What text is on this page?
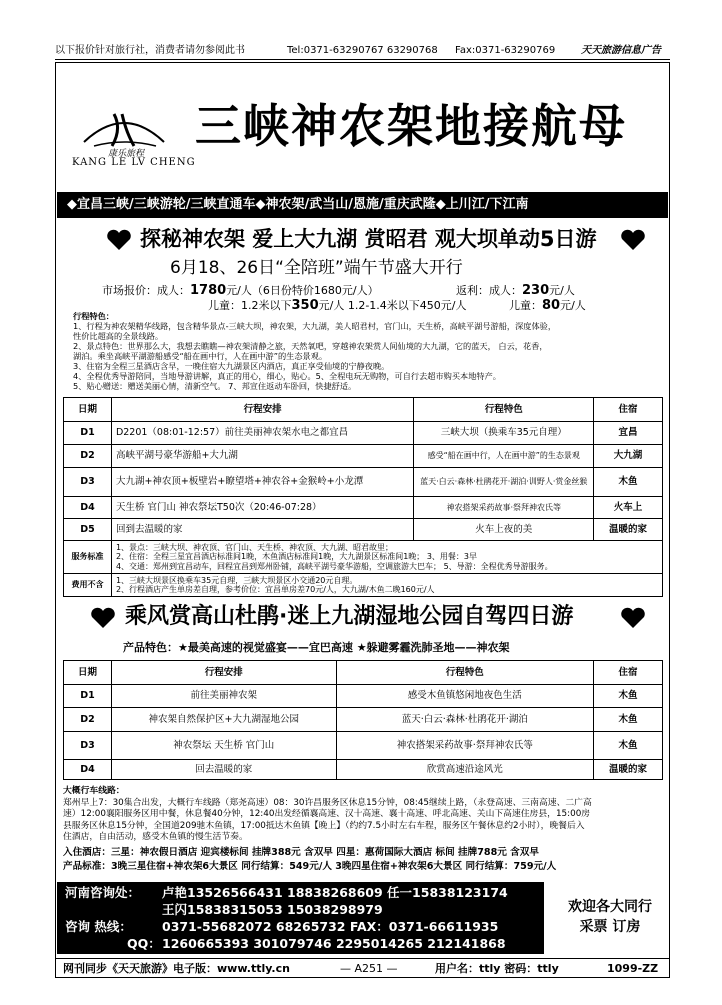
以下报价针对旅行社，消费者请勿参阅此书	Tel:0371-63290767 63290768 Fax:0371-63290769	天天旅游信息广告
康乐旅程
KANG LE LV CHENG
三峡神农架地接航母
◆宜昌三峡/三峡游轮/三峡直通车◆神农架/武当山/恩施/重庆武隆◆上川江/下江南
探秘神农架 爱上大九湖 赏昭君 观大坝单动5日游
6月18、26日“全陪班”端午节盛大开行
市场报价：成人：1780元/人（6日份特价1680元/人）	返利：成人：230元/人
儿童：1.2米以下350元/人 1.2-1.4米以下450元/人	儿童：80元/人
行程特色：
1、行程为神农架精华线路，包含精华景点-三峡大坝，神农架，大九湖，美人昭君村，官门山，天生桥，高峡平湖号游船，深度体验，
性价比超高的全景线路。
2、景点特色：世界那么大，我想去瞧瞧—神农架清静之旅，天然氧吧，穿越神农架赏人间仙境的大九湖，它的蓝天， 白云，花香，
湖泊。乘坐高峡平湖游船感受“船在画中行，人在画中游”的生态景观。
3、住宿为全程三星酒店含早，一晚住宿大九湖景区内酒店，真正享受仙境的宁静夜晚。
4、全程优秀导游陪同，当地导游讲解，真正的用心，细心，贴心。5、全程电玩无购物，可自行去超市购买本地特产。
5、贴心赠送：赠送美丽心情，清新空气。 7、邦宣住返动车卧回，快捷舒适。
日期	行程安排	行程特色	住宿
D1	D2201（08:01-12:57）前往美丽神农架水电之都宜昌	三峡大坝（换乘车35元自理）	宜昌
D2	高峡平湖号豪华游船+大九湖	感受“船在画中行，人在画中游”的生态景观	大九湖
D3	大九湖+神农顶+板壁岩+瞭望塔+神农谷+金猴岭+小龙潭	蓝天·白云·森林·杜鹃花开·湖泊·训野人·赏金丝猴	木鱼
D4	天生桥 官门山 神农祭坛T50次（20:46-07:28）	神农搭架采药故事·祭拜神农氏等	火车上
D5	回到去温暖的家	火车上夜的美	温暖的家
服务标准	1、景点：三峡大坝、神农顶、官门山、天生桥、神农顶、大九湖、昭君故里；
2、住宿：全程三星宜昌酒店标准间1晚，木鱼酒店标准间1晚，大九湖景区标准间1晚； 3、用餐：3早
4、交通：郑州到宜昌动车，回程宜昌到郑州卧铺，高峡平湖号豪华游船，空调旅游大巴车； 5、导游：全程优秀导游服务。		

费用不含	1、三峡大坝景区换乘车35元自理，三峡大坝景区小交通20元自理。
2、行程酒店产生单房差自理，参考价位：宜昌单房差70元/人，大九湖/木鱼二晚160元/人		
乘风赏高山杜鹃·迷上九湖湿地公园自驾四日游
产品特色：★最美高速的视觉盛宴——宜巴高速 ★躲避雾霾洗肺圣地——神农架
日期	行程安排	行程特色	住宿
D1	前往美丽神农架	感受木鱼镇悠闲地夜色生活	木鱼
D2	神农架自然保护区+大九湖湿地公园	蓝天·白云·森林·杜鹃花开·湖泊	木鱼
D3	神农祭坛 天生桥 官门山	神农搭架采药故事·祭拜神农氏等	木鱼
D4	回去温暖的家	欣赏高速沿途风光	温暖的家
大概行车线路：
郑州早上7：30集合出发，大概行车线路（郑尧高速）08：30许昌服务区休息15分钟，08:45继续上路，（永登高速、三南高速、二广高
速）12:00襄阳服务区用中餐，休息餐40分钟，12:40出发经循襄高速、汉十高速、襄十高速、呼北高速、关山下高速住房县，15:00房
县服务区休息15分钟，全国道209驰木鱼镇，17:00抵达木鱼镇【晚上】（约约7.5小时左右车程，服务区午餐休息约2小时），晚餐后入
住酒店，自由活动，感受木鱼镇的慢生活节奏。
入住酒店：三星：神农假日酒店 迎宾楼标间 挂牌388元 含双早 四星：惠荷国际大酒店 标间 挂牌788元 含双早
产品标准：3晚三星住宿+神农架6大景区 同行结算：549元/人 3晚四星住宿+神农架6大景区 同行结算：759元/人
河南咨询处： 卢艳13526566431 18838268609 任一15838123174
王闪15838315053 15038298979
咨询 热线： 0371-55682072 68265732 FAX：0371-66611935
QQ： 1260665393 301079746 2295014265 212141868
欢迎各大同行
采票 订房
网刊同步《天天旅游》电子版：www.ttly.cn	— A251 —	用户名：ttly 密码：ttly	1099-ZZ
